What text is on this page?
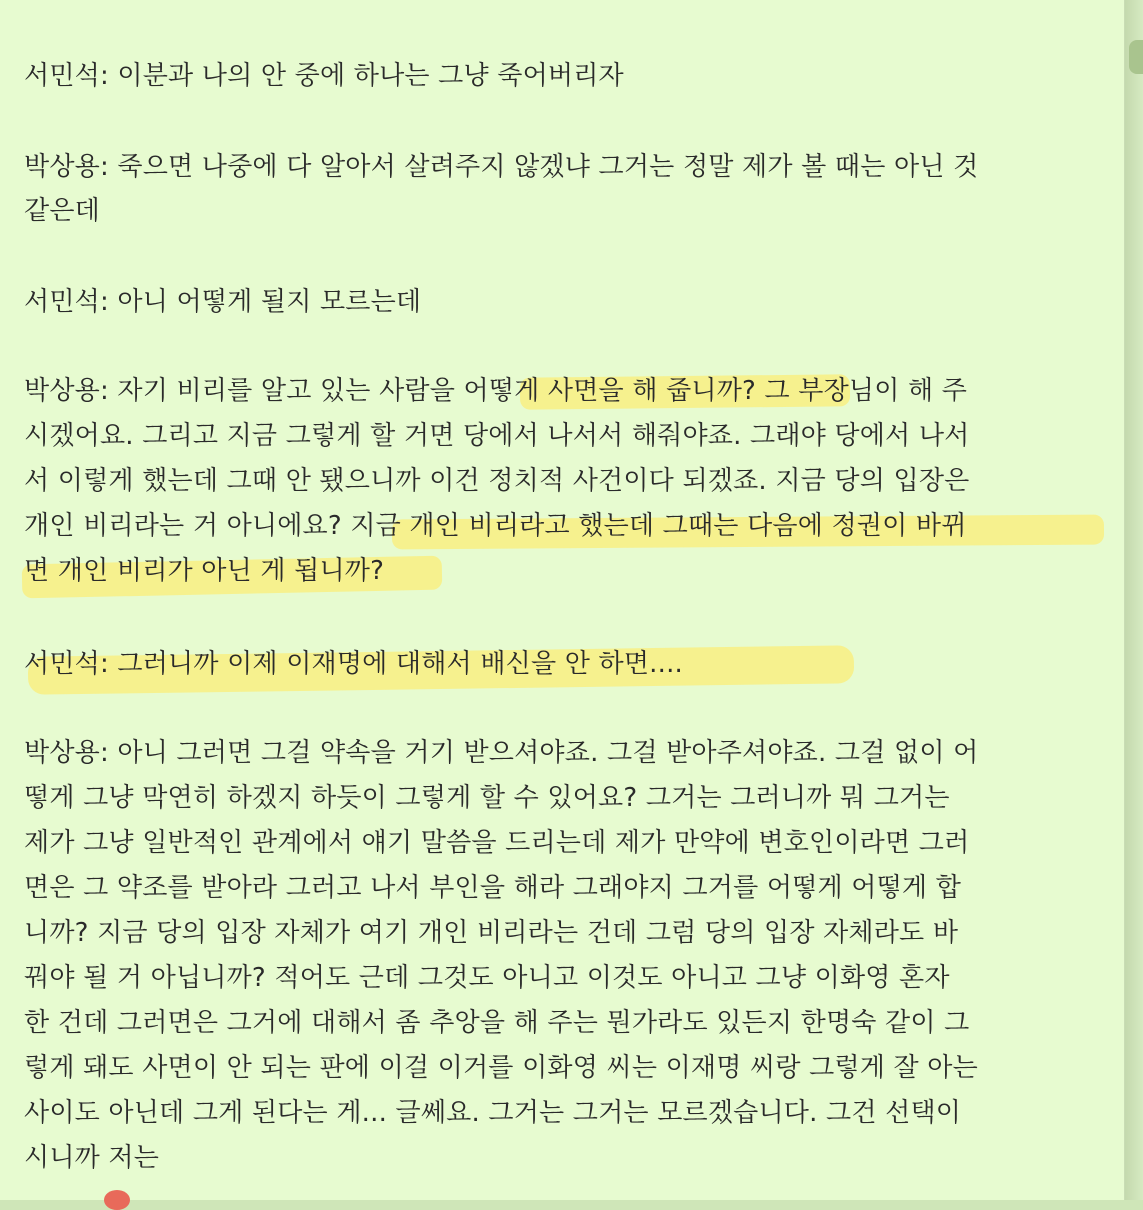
서민석: 이분과 나의 안 중에 하나는 그냥 죽어버리자
박상용: 죽으면 나중에 다 알아서 살려주지 않겠냐 그거는 정말 제가 볼 때는 아닌 것
같은데
서민석: 아니 어떻게 될지 모르는데
박상용: 자기 비리를 알고 있는 사람을 어떻게 사면을 해 줍니까? 그 부장님이 해 주
시겠어요. 그리고 지금 그렇게 할 거면 당에서 나서서 해줘야죠. 그래야 당에서 나서
서 이렇게 했는데 그때 안 됐으니까 이건 정치적 사건이다 되겠죠. 지금 당의 입장은
개인 비리라는 거 아니에요? 지금 개인 비리라고 했는데 그때는 다음에 정권이 바뀌
면 개인 비리가 아닌 게 됩니까?
서민석: 그러니까 이제 이재명에 대해서 배신을 안 하면....
박상용: 아니 그러면 그걸 약속을 거기 받으셔야죠. 그걸 받아주셔야죠. 그걸 없이 어
떻게 그냥 막연히 하겠지 하듯이 그렇게 할 수 있어요? 그거는 그러니까 뭐 그거는
제가 그냥 일반적인 관계에서 얘기 말씀을 드리는데 제가 만약에 변호인이라면 그러
면은 그 약조를 받아라 그러고 나서 부인을 해라 그래야지 그거를 어떻게 어떻게 합
니까? 지금 당의 입장 자체가 여기 개인 비리라는 건데 그럼 당의 입장 자체라도 바
꿔야 될 거 아닙니까? 적어도 근데 그것도 아니고 이것도 아니고 그냥 이화영 혼자
한 건데 그러면은 그거에 대해서 좀 추앙을 해 주는 뭔가라도 있든지 한명숙 같이 그
렇게 돼도 사면이 안 되는 판에 이걸 이거를 이화영 씨는 이재명 씨랑 그렇게 잘 아는
사이도 아닌데 그게 된다는 게... 글쎄요. 그거는 그거는 모르겠습니다. 그건 선택이
시니까 저는
